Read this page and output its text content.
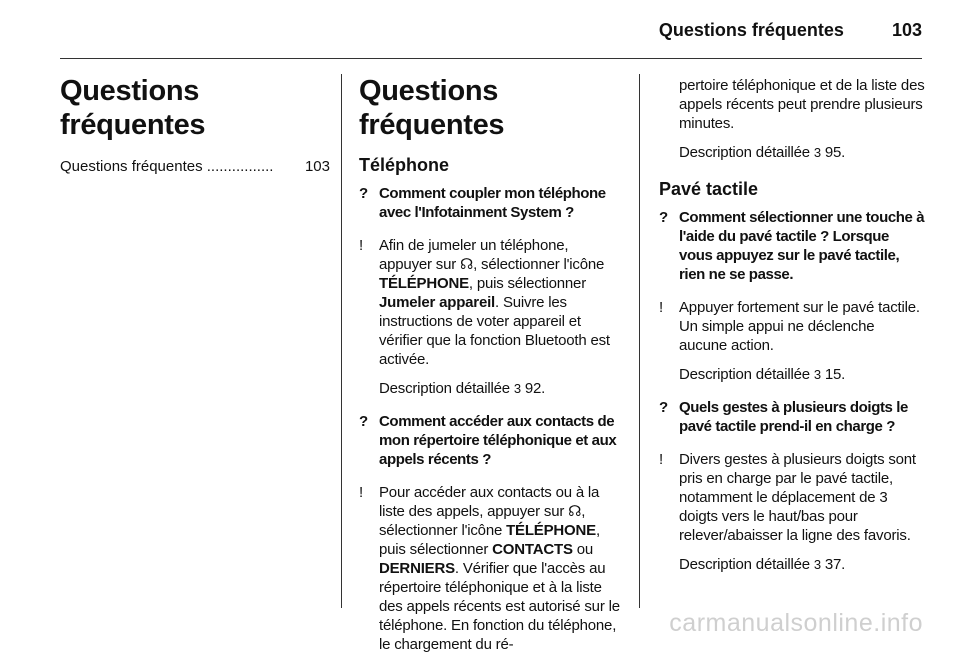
Questions fréquentes	103
Questions fréquentes
Questions fréquentes ................	103
Questions fréquentes
Téléphone
? Comment coupler mon téléphone avec l'Infotainment System ?

!	Afin de jumeler un téléphone, appuyer sur ☊, sélectionner l'icône TÉLÉPHONE, puis sélectionner Jumeler appareil. Suivre les instructions de voter appareil et vérifier que la fonction Bluetooth est activée.

Description détaillée 3 92.

? Comment accéder aux contacts de mon répertoire téléphonique et aux appels récents ?

!	Pour accéder aux contacts ou à la liste des appels, appuyer sur ☊, sélectionner l'icône TÉLÉPHONE, puis sélectionner CONTACTS ou DERNIERS. Vérifier que l'accès au répertoire téléphonique et à la liste des appels récents est autorisé sur le téléphone. En fonction du téléphone, le chargement du ré-

pertoire téléphonique et de la liste des appels récents peut prendre plusieurs minutes.

Description détaillée 3 95.

Pavé tactile
? Comment sélectionner une touche à l'aide du pavé tactile ? Lorsque vous appuyez sur le pavé tactile, rien ne se passe.

!	Appuyer fortement sur le pavé tactile. Un simple appui ne déclenche aucune action.

Description détaillée 3 15.

? Quels gestes à plusieurs doigts le pavé tactile prend-il en charge ?

!	Divers gestes à plusieurs doigts sont pris en charge par le pavé tactile, notamment le déplacement de 3 doigts vers le haut/bas pour relever/abaisser la ligne des favoris.

Description détaillée 3 37.

carmanualsonline.info
